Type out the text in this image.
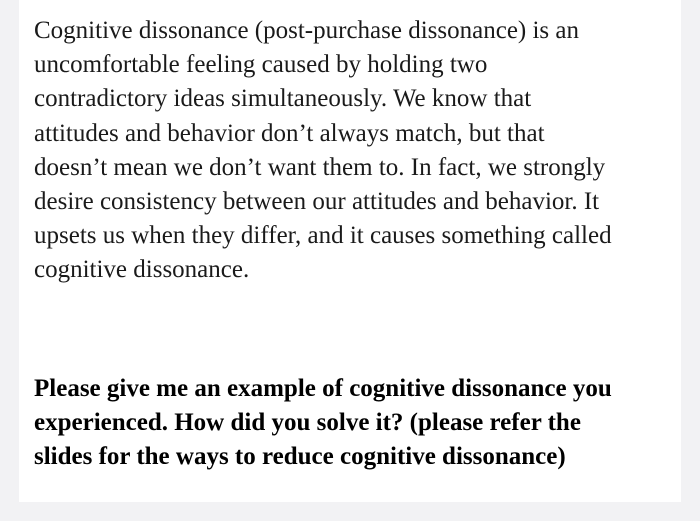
Cognitive dissonance (post-purchase dissonance) is an
uncomfortable feeling caused by holding two
contradictory ideas simultaneously. We know that
attitudes and behavior don’t always match, but that
doesn’t mean we don’t want them to. In fact, we strongly
desire consistency between our attitudes and behavior. It
upsets us when they differ, and it causes something called
cognitive dissonance.

Please give me an example of cognitive dissonance you
experienced. How did you solve it? (please refer the
slides for the ways to reduce cognitive dissonance)
